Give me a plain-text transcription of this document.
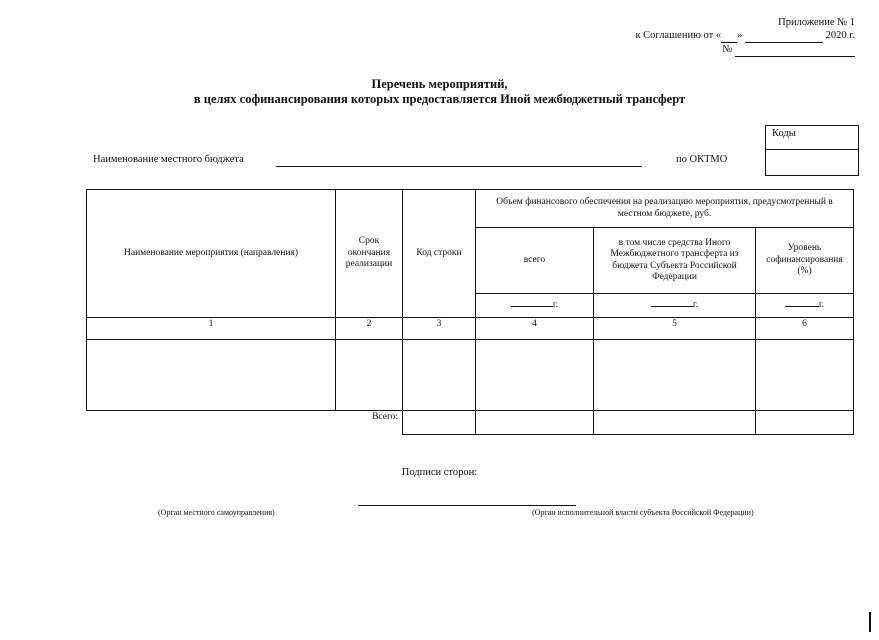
Приложение № 1
к Соглашению от « »	2020 г.
№
Перечень мероприятий,
в целях софинансирования которых предоставляется Иной межбюджетный трансферт
Коды
Наименование местного бюджета	по ОКТМО
Наименование мероприятия (направления)	Срок окончания реализации	Код строки	Объем финансового обеспечения на реализацию мероприятия, предусмотренный в местном бюджете, руб.		
			всего	в том числе средства Иного Межбюджетного трансферта из бюджета Субъекта Российской Федерации	Уровень софинансирования (%)
			г.	г.	г.
1	2	3	4	5	6

Всего:					
Подписи сторон:
(Орган местного самоуправления)	(Орган исполнительной власти субъекта Российской Федерации)
